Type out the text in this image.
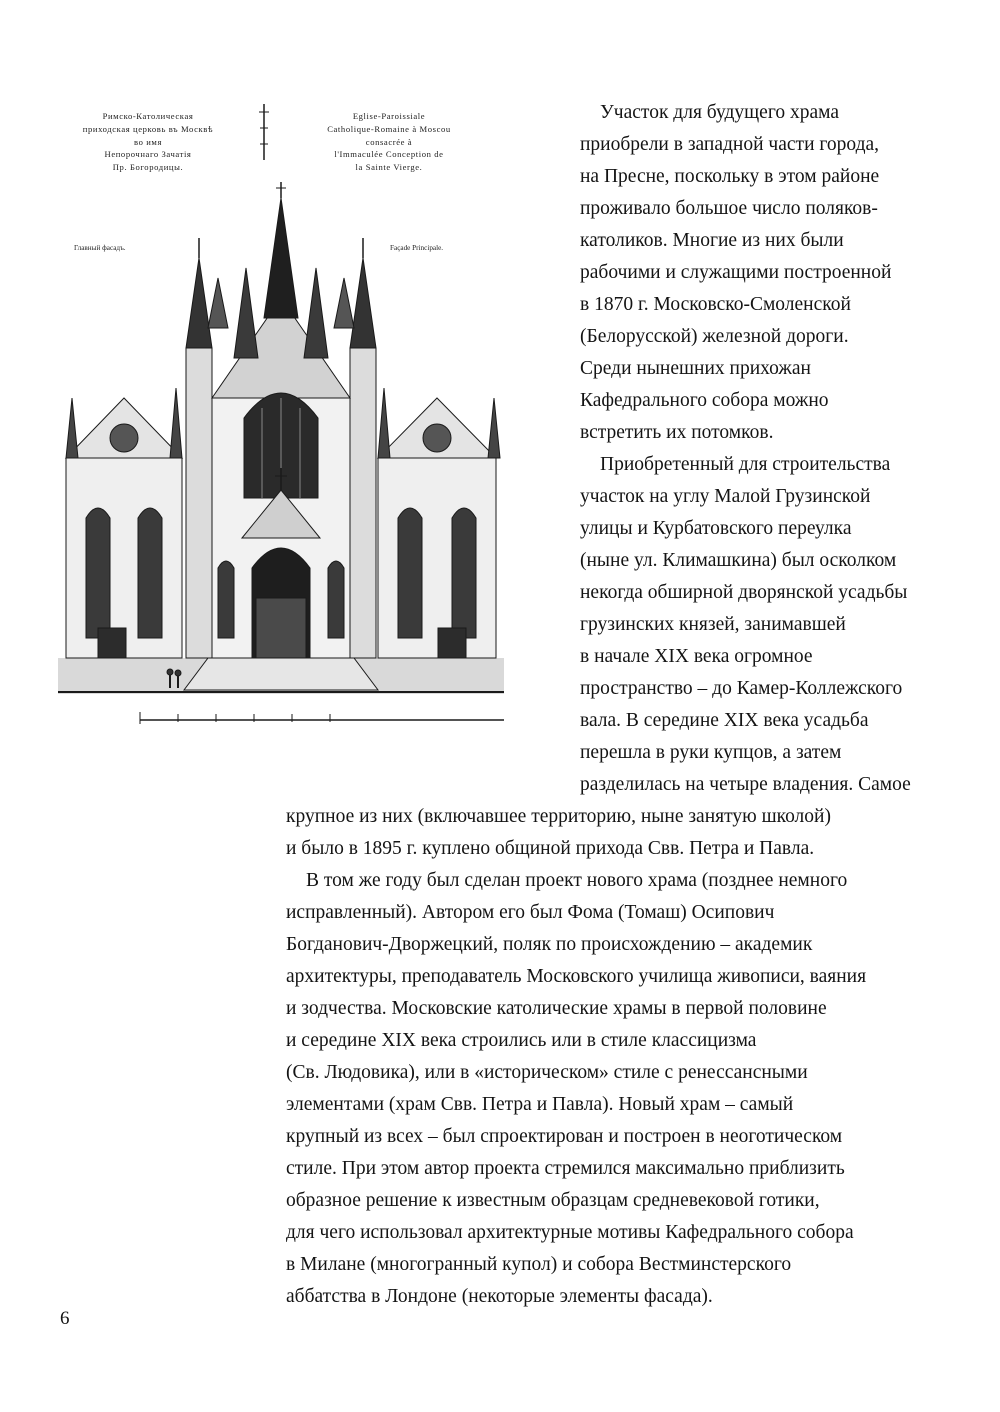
Римско-Католическая
приходская церковь въ Москвѣ
во имя
Непорочнаго Зачатія
Пр. Богородицы.
Eglise-Paroissiale
Catholique-Romaine à Moscou
consacrée à
l'Immaculée Conception de
la Sainte Vierge.
Главный фасадъ.	Façade Principale.
Участок для будущего храма
приобрели в западной части города,
на Пресне, поскольку в этом районе
проживало большое число поляков-
католиков. Многие из них были
рабочими и служащими построенной
в 1870 г. Московско-Смоленской
(Белорусской) железной дороги.
Среди нынешних прихожан
Кафедрального собора можно
встретить их потомков.
Приобретенный для строительства
участок на углу Малой Грузинской
улицы и Курбатовского переулка
(ныне ул. Климашкина) был осколком
некогда обширной дворянской усадьбы
грузинских князей, занимавшей
в начале XIX века огромное
пространство – до Камер-Коллежского
вала. В середине XIX века усадьба
перешла в руки купцов, а затем
разделилась на четыре владения. Самое
крупное из них (включавшее территорию, ныне занятую школой)
и было в 1895 г. куплено общиной прихода Свв. Петра и Павла.
В том же году был сделан проект нового храма (позднее немного
исправленный). Автором его был Фома (Томаш) Осипович
Богданович-Дворжецкий, поляк по происхождению – академик
архитектуры, преподаватель Московского училища живописи, ваяния
и зодчества. Московские католические храмы в первой половине
и середине XIX века строились или в стиле классицизма
(Св. Людовика), или в «историческом» стиле с ренессансными
элементами (храм Свв. Петра и Павла). Новый храм – самый
крупный из всех – был спроектирован и построен в неоготическом
стиле. При этом автор проекта стремился максимально приблизить
образное решение к известным образцам средневековой готики,
для чего использовал архитектурные мотивы Кафедрального собора
в Милане (многогранный купол) и собора Вестминстерского
аббатства в Лондоне (некоторые элементы фасада).
6
